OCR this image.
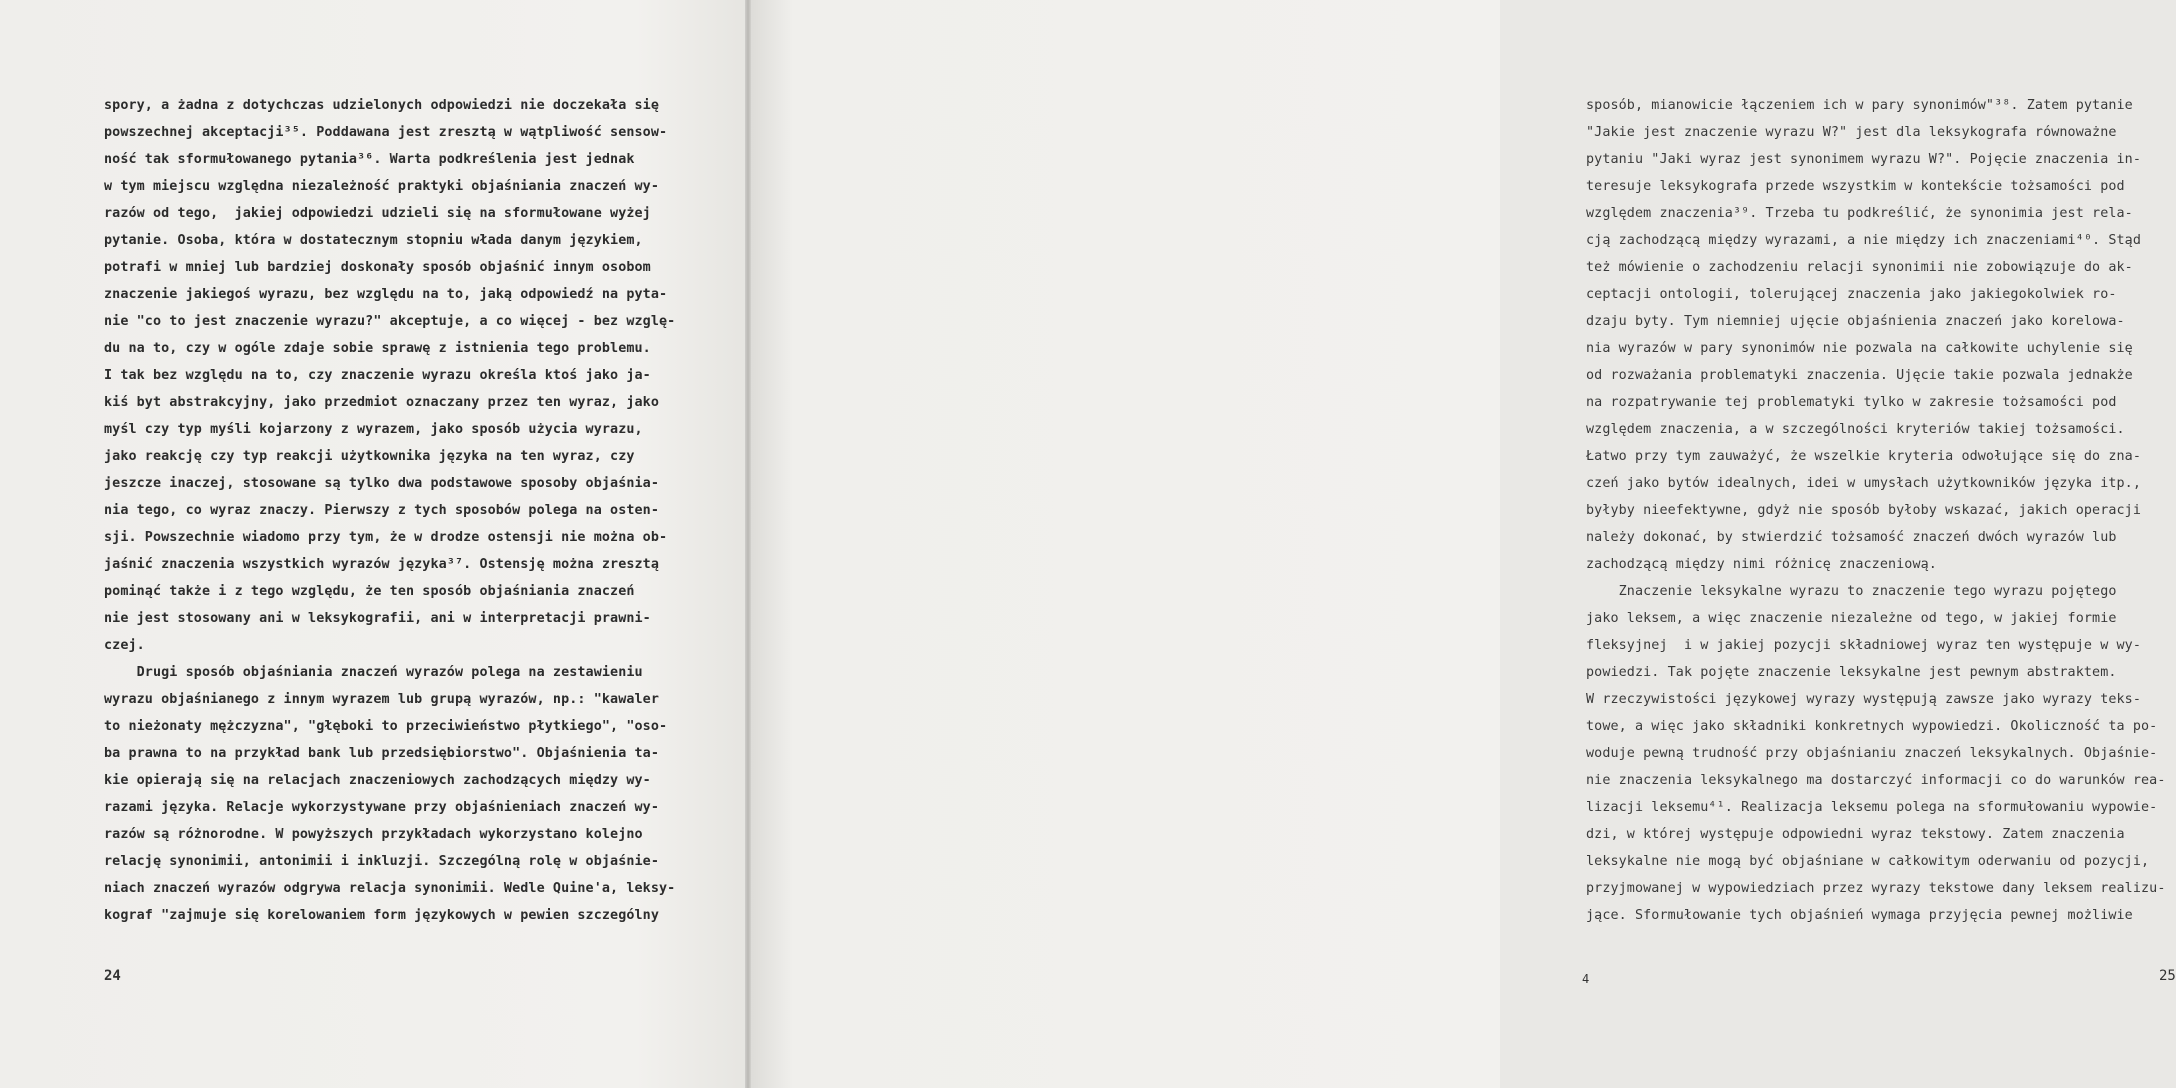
spory, a żadna z dotychczas udzielonych odpowiedzi nie doczekała się
powszechnej akceptacji³⁵. Poddawana jest zresztą w wątpliwość sensow-
ność tak sformułowanego pytania³⁶. Warta podkreślenia jest jednak
w tym miejscu względna niezależność praktyki objaśniania znaczeń wy-
razów od tego,  jakiej odpowiedzi udzieli się na sformułowane wyżej
pytanie. Osoba, która w dostatecznym stopniu włada danym językiem,
potrafi w mniej lub bardziej doskonały sposób objaśnić innym osobom
znaczenie jakiegoś wyrazu, bez względu na to, jaką odpowiedź na pyta-
nie "co to jest znaczenie wyrazu?" akceptuje, a co więcej - bez wzglę-
du na to, czy w ogóle zdaje sobie sprawę z istnienia tego problemu.
I tak bez względu na to, czy znaczenie wyrazu określa ktoś jako ja-
kiś byt abstrakcyjny, jako przedmiot oznaczany przez ten wyraz, jako
myśl czy typ myśli kojarzony z wyrazem, jako sposób użycia wyrazu,
jako reakcję czy typ reakcji użytkownika języka na ten wyraz, czy
jeszcze inaczej, stosowane są tylko dwa podstawowe sposoby objaśnia-
nia tego, co wyraz znaczy. Pierwszy z tych sposobów polega na osten-
sji. Powszechnie wiadomo przy tym, że w drodze ostensji nie można ob-
jaśnić znaczenia wszystkich wyrazów języka³⁷. Ostensję można zresztą
pominąć także i z tego względu, że ten sposób objaśniania znaczeń
nie jest stosowany ani w leksykografii, ani w interpretacji prawni-
czej.
Drugi sposób objaśniania znaczeń wyrazów polega na zestawieniu
wyrazu objaśnianego z innym wyrazem lub grupą wyrazów, np.: "kawaler
to nieżonaty mężczyzna", "głęboki to przeciwieństwo płytkiego", "oso-
ba prawna to na przykład bank lub przedsiębiorstwo". Objaśnienia ta-
kie opierają się na relacjach znaczeniowych zachodzących między wy-
razami języka. Relacje wykorzystywane przy objaśnieniach znaczeń wy-
razów są różnorodne. W powyższych przykładach wykorzystano kolejno
relację synonimii, antonimii i inkluzji. Szczególną rolę w objaśnie-
niach znaczeń wyrazów odgrywa relacja synonimii. Wedle Quine'a, leksy-
kograf "zajmuje się korelowaniem form językowych w pewien szczególny
24
sposób, mianowicie łączeniem ich w pary synonimów"³⁸. Zatem pytanie
"Jakie jest znaczenie wyrazu W?" jest dla leksykografa równoważne
pytaniu "Jaki wyraz jest synonimem wyrazu W?". Pojęcie znaczenia in-
teresuje leksykografa przede wszystkim w kontekście tożsamości pod
względem znaczenia³⁹. Trzeba tu podkreślić, że synonimia jest rela-
cją zachodzącą między wyrazami, a nie między ich znaczeniami⁴⁰. Stąd
też mówienie o zachodzeniu relacji synonimii nie zobowiązuje do ak-
ceptacji ontologii, tolerującej znaczenia jako jakiegokolwiek ro-
dzaju byty. Tym niemniej ujęcie objaśnienia znaczeń jako korelowa-
nia wyrazów w pary synonimów nie pozwala na całkowite uchylenie się
od rozważania problematyki znaczenia. Ujęcie takie pozwala jednakże
na rozpatrywanie tej problematyki tylko w zakresie tożsamości pod
względem znaczenia, a w szczególności kryteriów takiej tożsamości.
Łatwo przy tym zauważyć, że wszelkie kryteria odwołujące się do zna-
czeń jako bytów idealnych, idei w umysłach użytkowników języka itp.,
byłyby nieefektywne, gdyż nie sposób byłoby wskazać, jakich operacji
należy dokonać, by stwierdzić tożsamość znaczeń dwóch wyrazów lub
zachodzącą między nimi różnicę znaczeniową.
Znaczenie leksykalne wyrazu to znaczenie tego wyrazu pojętego
jako leksem, a więc znaczenie niezależne od tego, w jakiej formie
fleksyjnej  i w jakiej pozycji składniowej wyraz ten występuje w wy-
powiedzi. Tak pojęte znaczenie leksykalne jest pewnym abstraktem.
W rzeczywistości językowej wyrazy występują zawsze jako wyrazy teks-
towe, a więc jako składniki konkretnych wypowiedzi. Okoliczność ta po-
woduje pewną trudność przy objaśnianiu znaczeń leksykalnych. Objaśnie-
nie znaczenia leksykalnego ma dostarczyć informacji co do warunków rea-
lizacji leksemu⁴¹. Realizacja leksemu polega na sformułowaniu wypowie-
dzi, w której występuje odpowiedni wyraz tekstowy. Zatem znaczenia
leksykalne nie mogą być objaśniane w całkowitym oderwaniu od pozycji,
przyjmowanej w wypowiedziach przez wyrazy tekstowe dany leksem realizu-
jące. Sformułowanie tych objaśnień wymaga przyjęcia pewnej możliwie
4	25
